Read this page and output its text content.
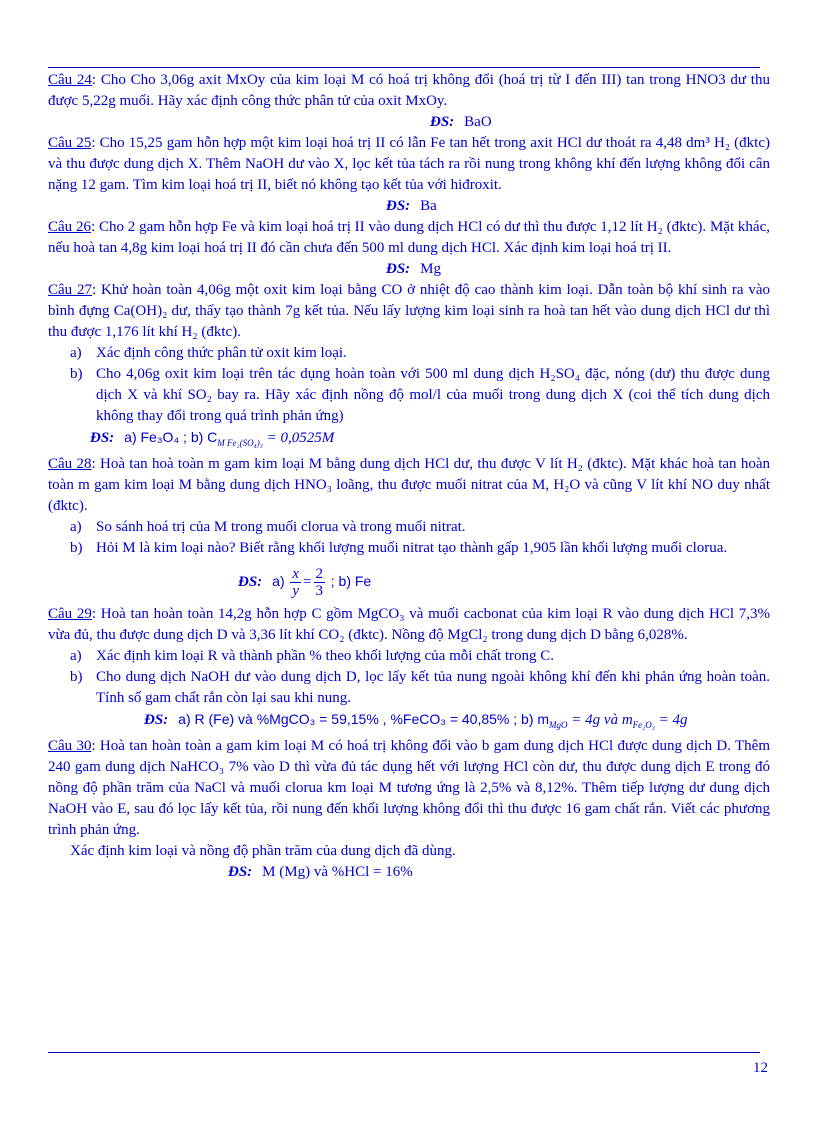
Câu 24: Cho Cho 3,06g axit MxOy của kim loại M có hoá trị không đổi (hoá trị từ I đến III) tan trong HNO3 dư thu được 5,22g muối. Hãy xác định công thức phân tử của oxit MxOy.

ĐS: BaO

Câu 25: Cho 15,25 gam hỗn hợp một kim loại hoá trị II có lẫn Fe tan hết trong axit HCl dư thoát ra 4,48 dm³ H₂ (đktc) và thu được dung dịch X. Thêm NaOH dư vào X, lọc kết tủa tách ra rồi nung trong không khí đến lượng không đổi cân nặng 12 gam. Tìm kim loại hoá trị II, biết nó không tạo kết tủa với hiđroxit.

ĐS: Ba

Câu 26: Cho 2 gam hỗn hợp Fe và kim loại hoá trị II vào dung dịch HCl có dư thì thu được 1,12 lít H₂ (đktc). Mặt khác, nếu hoà tan 4,8g kim loại hoá trị II đó cần chưa đến 500 ml dung dịch HCl. Xác định kim loại hoá trị II.

ĐS: Mg

Câu 27: Khử hoàn toàn 4,06g một oxit kim loại bằng CO ở nhiệt độ cao thành kim loại. Dẫn toàn bộ khí sinh ra vào bình đựng Ca(OH)₂ dư, thấy tạo thành 7g kết tủa. Nếu lấy lượng kim loại sinh ra hoà tan hết vào dung dịch HCl dư thì thu được 1,176 lít khí H₂ (đktc).

a) Xác định công thức phân tử oxit kim loại.
b) Cho 4,06g oxit kim loại trên tác dụng hoàn toàn với 500 ml dung dịch H₂SO₄ đặc, nóng (dư) thu được dung dịch X và khí SO₂ bay ra. Hãy xác định nồng độ mol/l của muối trong dung dịch X (coi thể tích dung dịch không thay đổi trong quá trình phản ứng)

ĐS: a) Fe₃O₄ ; b) $C_{M Fe_2(SO_4)_3} = 0,0525M$

Câu 28: Hoà tan hoà toàn m gam kim loại M bằng dung dịch HCl dư, thu được V lít H₂ (đktc). Mặt khác hoà tan hoàn toàn m gam kim loại M bằng dung dịch HNO₃ loãng, thu được muối nitrat của M, H₂O và cũng V lít khí NO duy nhất (đktc).

a) So sánh hoá trị của M trong muối clorua và trong muối nitrat.
b) Hỏi M là kim loại nào? Biết rằng khối lượng muối nitrat tạo thành gấp 1,905 lần khối lượng muối clorua.

ĐS: $a) \frac{x}{y} = \frac{2}{3}$ ; b) Fe

Câu 29: Hoà tan hoàn toàn 14,2g hỗn hợp C gồm MgCO₃ và muối cacbonat của kim loại R vào dung dịch HCl 7,3% vừa đủ, thu được dung dịch D và 3,36 lít khí CO₂ (đktc). Nồng độ MgCl₂ trong dung dịch D bằng 6,028%.

a) Xác định kim loại R và thành phần % theo khối lượng của mỗi chất trong C.
b) Cho dung dịch NaOH dư vào dung dịch D, lọc lấy kết tủa nung ngoài không khí đến khi phản ứng hoàn toàn. Tính số gam chất rắn còn lại sau khi nung.

ĐS: a) R (Fe) và %MgCO₃ = 59,15% , %FeCO₃ = 40,85% ; b) $m_{MgO} = 4g$ và $m_{Fe_2O_3} = 4g$

Câu 30: Hoà tan hoàn toàn a gam kim loại M có hoá trị không đổi vào b gam dung dịch HCl được dung dịch D. Thêm 240 gam dung dịch NaHCO₃ 7% vào D thì vừa đủ tác dụng hết với lượng HCl còn dư, thu được dung dịch E trong đó nồng độ phần trăm của NaCl và muối clorua km loại M tương ứng là 2,5% và 8,12%. Thêm tiếp lượng dư dung dịch NaOH vào E, sau đó lọc lấy kết tủa, rồi nung đến khối lượng không đổi thì thu được 16 gam chất rắn. Viết các phương trình phản ứng.

Xác định kim loại và nồng độ phần trăm của dung dịch đã dùng.

ĐS: M (Mg) và %HCl = 16%

12
